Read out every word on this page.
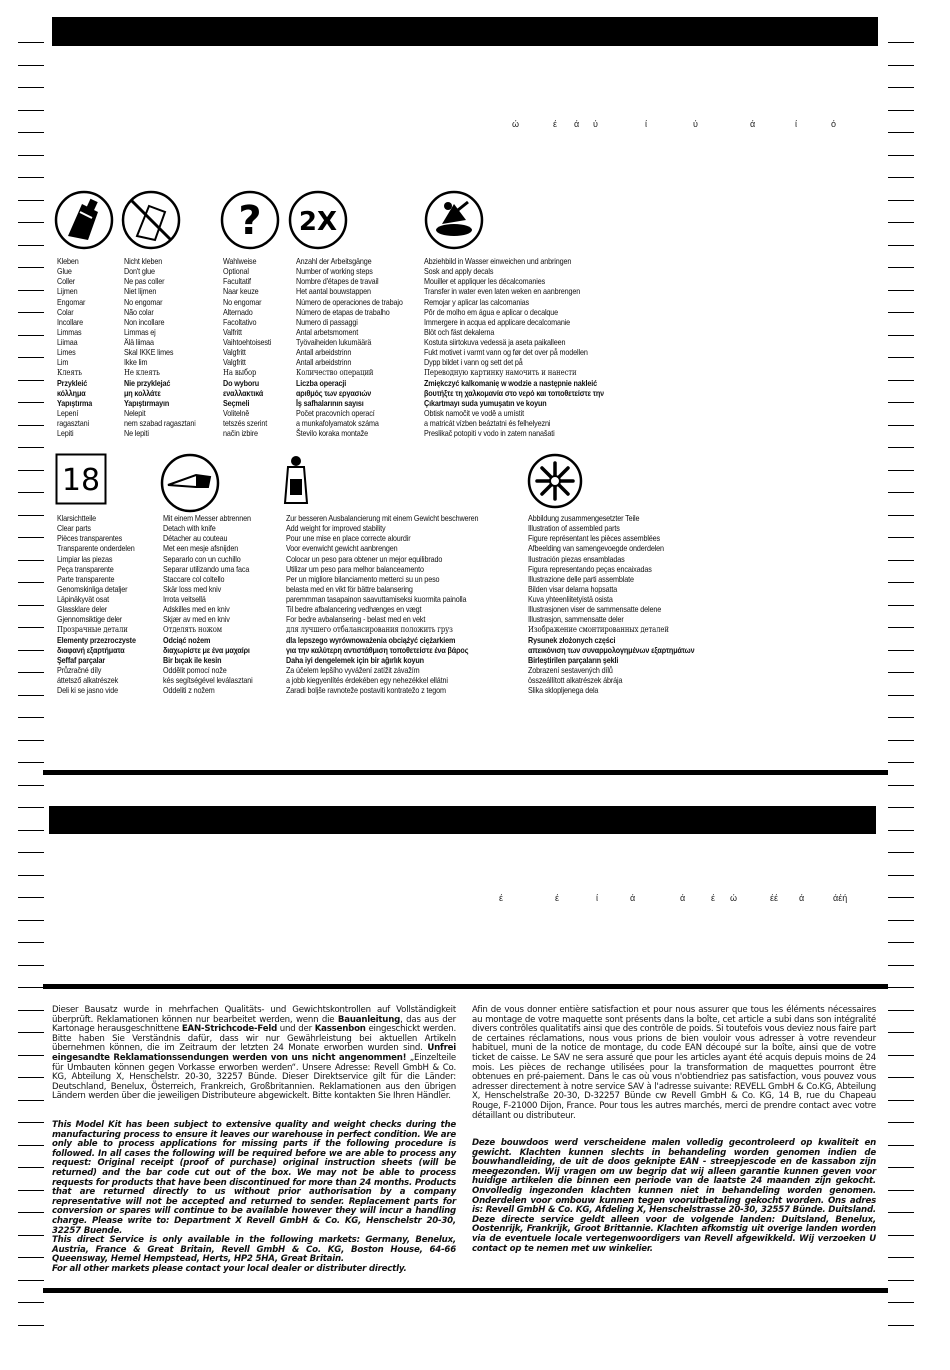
ώ	έ ά ύ	ί	ύ	ά	ί	ό
? 2X
Kleben
Glue
Coller
Lijmen
Engomar
Colar
Incollare
Limmas
Liimaa
Limes
Lim
Клеять
Przykleić
κόλλημα
Yapıştırma
Lepení
ragasztani
Lepiti
Nicht kleben
Don't glue
Ne pas coller
Niet lijmen
No engomar
Não colar
Non incollare
Limmas ej
Älä liimaa
Skal IKKE limes
Ikke lim
Не клеять
Nie przyklejać
μη κολλάτε
Yapıştırmayın
Nelepit
nem szabad ragasztani
Ne lepiti
Wahlweise
Optional
Facultatif
Naar keuze
No engomar
Alternado
Facoltativo
Valfritt
Vaihtoehtoisesti
Valgfritt
Valgfritt
На выбор
Do wyboru
εναλλακτικά
Seçmeli
Volitelně
tetszés szerint
način izbire
Anzahl der Arbeitsgänge
Number of working steps
Nombre d'étapes de travail
Het aantal bouwstappen
Número de operaciones de trabajo
Número de etapas de trabalho
Numero di passaggi
Antal arbetsmoment
Työvaiheiden lukumäärä
Antall arbeidstrinn
Antall arbeidstrinn
Количество операций
Liczba operacji
αριθμός των εργασιών
İş safhalarının sayısı
Počet pracovních operací
a munkafolyamatok száma
Število koraka montaže
Abziehbild in Wasser einweichen und anbringen
Sosk and apply decals
Mouiller et appliquer les décalcomanies
Transfer in water even laten weken en aanbrengen
Remojar y aplicar las calcomanias
Pôr de molho em água e aplicar o decalque
Immergere in acqua ed applicare decalcomanie
Blöt och fäst dekalerna
Kostuta siirtokuva vedessä ja aseta paikalleen
Fukt motivet i varmt vann og før det over på modellen
Dypp bildet i vann og sett det på
Переводную картинку намочить и нанести
Zmiękczyć kalkomanię w wodzie a następnie nakleić
βουτήξτε τη χαλκομανία στο νερό και τοποθετείστε την
Çıkartmayı suda yumuşatın ve koyun
Obtisk namočit ve vodě a umístit
a matricát vízben beáztatni és felhelyezni
Preslikač potopiti v vodo in zatem nanašati
18
Klarsichtteile
Clear parts
Pièces transparentes
Transparente onderdelen
Limpiar las piezas
Peça transparente
Parte transparente
Genomskinliga detaljer
Läpinäkyvät osat
Glassklare deler
Gjennomsiktige deler
Прозрачные детали
Elementy przezroczyste
διαφανή εξαρτήματα
Şeffaf parçalar
Průzračné díly
áttetsző alkatrészek
Deli ki se jasno vide
Mit einem Messer abtrennen
Detach with knife
Détacher au couteau
Met een mesje afsnijden
Separarlo con un cuchillo
Separar utilizando uma faca
Staccare col coltello
Skär loss med kniv
Irrota veitsellä
Adskilles med en kniv
Skjær av med en kniv
Отделять ножом
Odciąć nożem
διαχωρίστε με ένα μαχαίρι
Bir bıçak ile kesin
Oddělit pomocí nože
kés segítségével leválasztani
Oddeliti z nožem
Zur besseren Ausbalancierung mit einem Gewicht beschweren
Add weight for improved stability
Pour une mise en place correcte alourdir
Voor evenwicht gewicht aanbrengen
Colocar un peso para obtener un mejor equilibrado
Utilizar um peso para melhor balanceamento
Per un migliore bilanciamento metterci su un peso
belasta med en vikt för bättre balansering
paremmman tasapainon saavuttamiseksi kuormita painolla
Til bedre afbalancering vedhænges en vægt
For bedre avbalansering - belast med en vekt
для лучшего отбалансирования положить груз
dla lepszego wyrównoważenia obciążyć ciężarkiem
για την καλύτερη αντιστάθμιση τοποθετείστε ένα βάρος
Daha iyi dengelemek için bir ağırlık koyun
Za účelem lepšího vyvážení zatížit závažím
a jobb kiegyenlítés érdekében egy nehezékkel ellátni
Zaradi boljše ravnoteže postaviti kontratežo z tegom
Abbildung zusammengesetzter Teile
Illustration of assembled parts
Figure représentant les pièces assemblées
Afbeelding van samengevoegde onderdelen
Ilustración piezas ensambladas
Figura representando peças encaixadas
Illustrazione delle parti assemblate
Bilden visar delarna hopsatta
Kuva yhteenliitetyistä osista
Illustrasjonen viser de sammensatte delene
Illustrasjon, sammensatte deler
Изображение смонтированных деталей
Rysunek złożonych części
απεικόνιση των συναρμολογημένων εξαρτημάτων
Birleştirilen parçaların şekli
Zobrazení sestavených dílů
összeállított alkatrészek ábrája
Slika sklopljenega dela
έ	έ	ί	ά	ά	έ ώ	έέ ά	άέή

Dieser Bausatz wurde in mehrfachen Qualitäts- und Gewichtskontrollen auf Vollständigkeit überprüft. Reklamationen können nur bearbeitet werden, wenn die Bauanleitung, das aus der Kartonage herausgeschnittene EAN-Strichcode-Feld und der Kassenbon eingeschickt werden. Bitte haben Sie Verständnis dafür, dass wir nur Gewährleistung bei aktuellen Artikeln übernehmen können, die im Zeitraum der letzten 24 Monate erworben wurden sind. Unfrei eingesandte Reklamationssendungen werden von uns nicht angenommen! „Einzelteile für Umbauten können gegen Vorkasse erworben werden“. Unsere Adresse: Revell GmbH & Co. KG, Abteilung X, Henschelstr. 20-30, 32257 Bünde. Dieser Direktservice gilt für die Länder: Deutschland, Benelux, Österreich, Frankreich, Großbritannien. Reklamationen aus den übrigen Ländern werden über die jeweiligen Distributeure abgewickelt. Bitte kontakten Sie Ihren Händler.

This Model Kit has been subject to extensive quality and weight checks during the manufacturing process to ensure it leaves our warehouse in perfect condition. We are only able to process applications for missing parts if the following procedure is followed. In all cases the following will be required before we are able to process any request: Original receipt (proof of purchase) original instruction sheets (will be returned) and the bar code cut out of the box. We may not be able to process requests for products that have been discontinued for more than 24 months. Products that are returned directly to us without prior authorisation by a company representative will not be accepted and returned to sender. Replacement parts for conversion or spares will continue to be available however they will incur a handling charge. Please write to: Department X Revell GmbH & Co. KG, Henschelstr 20-30, 32257 Buende.

This direct Service is only available in the following markets: Germany, Benelux, Austria, France & Great Britain, Revell GmbH & Co. KG, Boston House, 64-66 Queensway, Hemel Hempstead, Herts, HP2 5HA, Great Britain.

For all other markets please contact your local dealer or distributer directly.

Afin de vous donner entière satisfaction et pour nous assurer que tous les éléments nécessaires au montage de votre maquette sont présents dans la boîte, cet article a subi dans son intégralité divers contrôles qualitatifs ainsi que des contrôle de poids. Si toutefois vous deviez nous faire part de certaines réclamations, nous vous prions de bien vouloir vous adresser à votre revendeur habituel, muni de la notice de montage, du code EAN découpé sur la boîte, ainsi que de votre ticket de caisse. Le SAV ne sera assuré que pour les articles ayant été acquis depuis moins de 24 mois. Les pièces de rechange utilisées pour la transformation de maquettes pourront être obtenues en pré-paiement. Dans le cas où vous n'obtiendriez pas satisfaction, vous pouvez vous adresser directement à notre service SAV à l'adresse suivante: REVELL GmbH & Co.KG, Abteilung X, Henschelstraße 20-30, D-32257 Bünde cw Revell GmbH & Co. KG, 14 B, rue du Chapeau Rouge, F-21000 Dijon, France. Pour tous les autres marchés, merci de prendre contact avec votre détaillant ou distributeur.

Deze bouwdoos werd verscheidene malen volledig gecontroleerd op kwaliteit en gewicht. Klachten kunnen slechts in behandeling worden genomen indien de bouwhandleiding, de uit de doos geknipte EAN - streepjescode en de kassabon zijn meegezonden. Wij vragen om uw begrip dat wij alleen garantie kunnen geven voor huidige artikelen die binnen een periode van de laatste 24 maanden zijn gekocht. Onvolledig ingezonden klachten kunnen niet in behandeling worden genomen. Onderdelen voor ombouw kunnen tegen vooruitbetaling gekocht worden. Ons adres is: Revell GmbH & Co. KG, Afdeling X, Henschelstrasse 20-30, 32557 Bünde. Duitsland. Deze directe service geldt alleen voor de volgende landen: Duitsland, Benelux, Oostenrijk, Frankrijk, Groot Brittannie. Klachten afkomstig uit overige landen worden via de eventuele locale vertegenwoordigers van Revell afgewikkeld. Wij verzoeken U contact op te nemen met uw winkelier.
